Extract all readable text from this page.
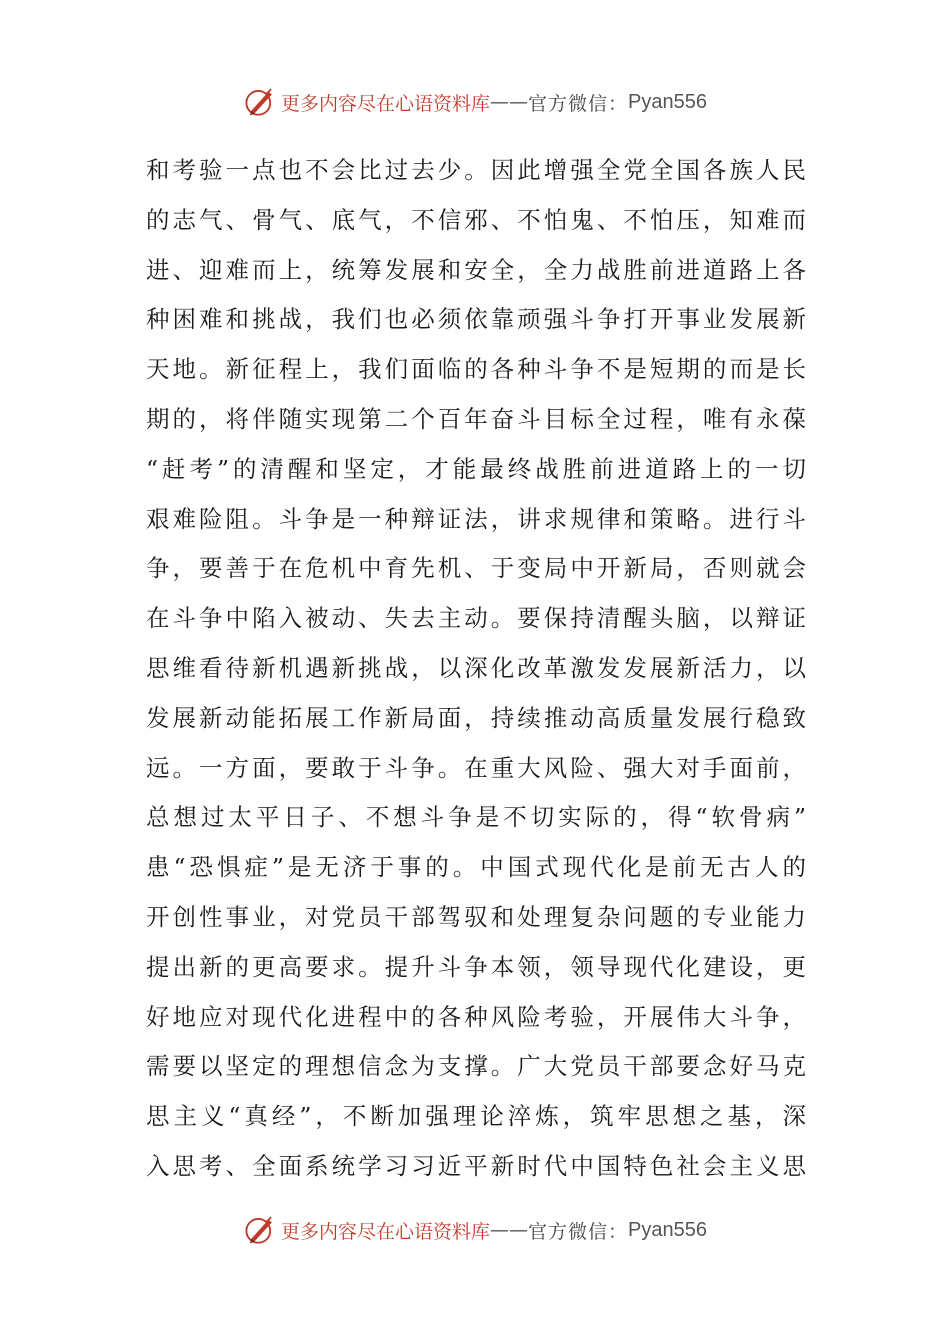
更多内容尽在心语资料库 —— 官方微信： Pyan556
和考验一点也不会比过去少。因此增强全党全国各族人民
的志气、骨气、底气，不信邪、不怕鬼、不怕压，知难而
进、迎难而上，统筹发展和安全，全力战胜前进道路上各
种困难和挑战，我们也必须依靠顽强斗争打开事业发展新
天地。新征程上，我们面临的各种斗争不是短期的而是长
期的，将伴随实现第二个百年奋斗目标全过程，唯有永葆
“赶考”的清醒和坚定，才能最终战胜前进道路上的一切
艰难险阻。斗争是一种辩证法，讲求规律和策略。进行斗
争，要善于在危机中育先机、于变局中开新局，否则就会
在斗争中陷入被动、失去主动。要保持清醒头脑，以辩证
思维看待新机遇新挑战，以深化改革激发发展新活力，以
发展新动能拓展工作新局面，持续推动高质量发展行稳致
远。一方面，要敢于斗争。在重大风险、强大对手面前，
总想过太平日子、不想斗争是不切实际的，得“软骨病”
患“恐惧症”是无济于事的。中国式现代化是前无古人的
开创性事业，对党员干部驾驭和处理复杂问题的专业能力
提出新的更高要求。提升斗争本领，领导现代化建设，更
好地应对现代化进程中的各种风险考验，开展伟大斗争，
需要以坚定的理想信念为支撑。广大党员干部要念好马克
思主义“真经”，不断加强理论淬炼，筑牢思想之基，深
入思考、全面系统学习习近平新时代中国特色社会主义思
更多内容尽在心语资料库 —— 官方微信： Pyan556
